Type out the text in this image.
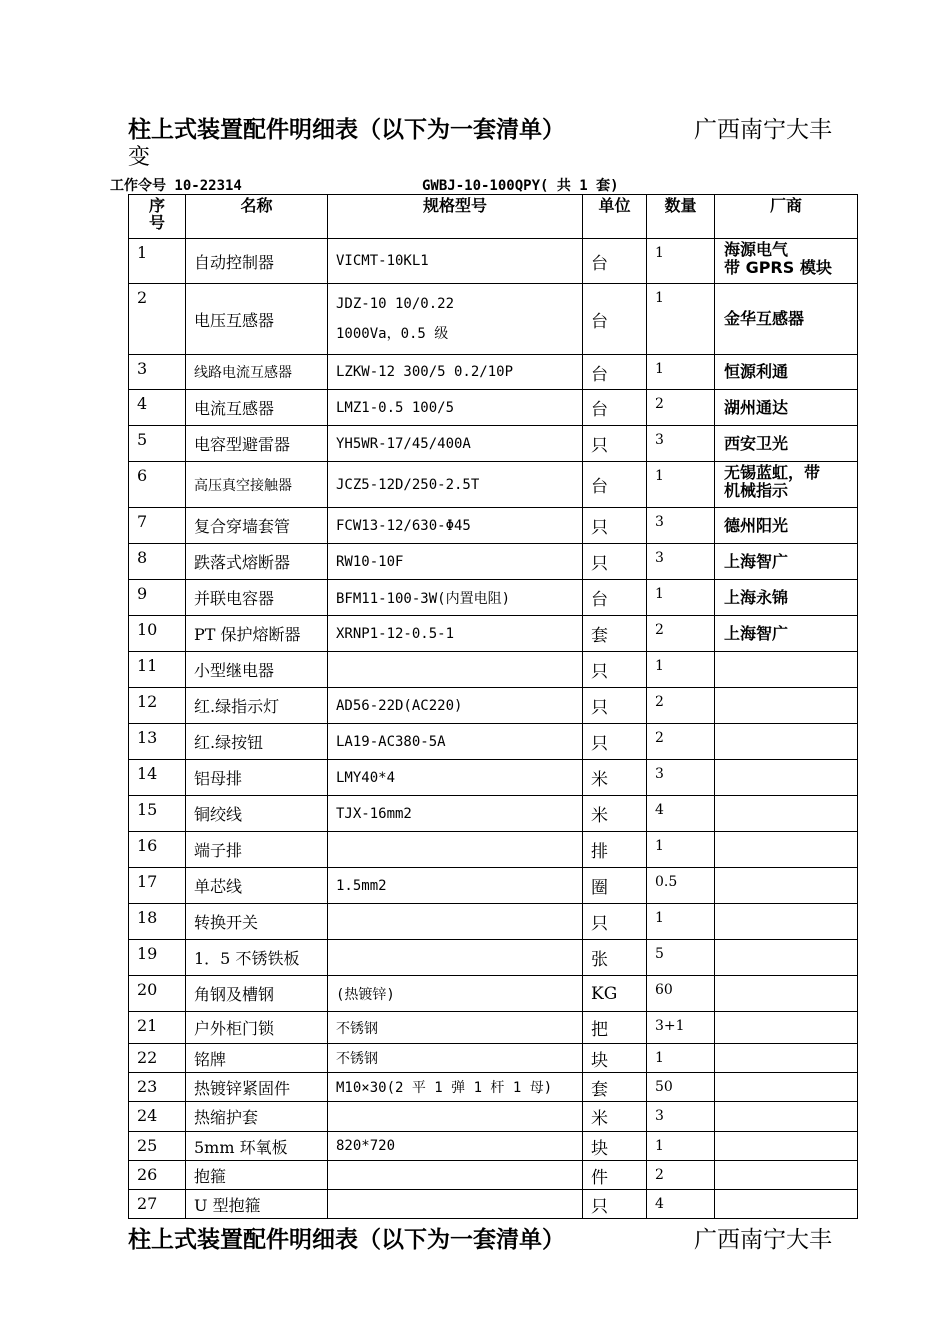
柱上式装置配件明细表（以下为一套清单）	广西南宁大丰
变
工作令号 10-22314	GWBJ-10-100QPY( 共 1 套)
序号	名称	规格型号	单位	数量	厂商
1	自动控制器	VICMT-10KL1	台	1	海源电气
带 GPRS 模块

2	电压互感器	JDZ-10 10/0.22
1000Va，0.5 级	台	1	金华互感器

3	线路电流互感器	LZKW-12 300/5 0.2/10P	台	1	恒源利通

4	电流互感器	LMZ1-0.5 100/5	台	2	湖州通达

5	电容型避雷器	YH5WR-17/45/400A	只	3	西安卫光

6	高压真空接触器	JCZ5-12D/250-2.5T	台	1	无锡蓝虹，带
机械指示

7	复合穿墙套管	FCW13-12/630-Φ45	只	3	德州阳光

8	跌落式熔断器	RW10-10F	只	3	上海智广

9	并联电容器	BFM11-100-3W(内置电阻)	台	1	上海永锦

10	PT 保护熔断器	XRNP1-12-0.5-1	套	2	上海智广

11	小型继电器		只	1	

12	红.绿指示灯	AD56-22D(AC220)	只	2	

13	红.绿按钮	LA19-AC380-5A	只	2	

14	铝母排	LMY40*4	米	3	

15	铜绞线	TJX-16mm2	米	4	

16	端子排		排	1	

17	单芯线	1.5mm2	圈	0.5	

18	转换开关		只	1	

19	1．5 不锈铁板		张	5	

20	角钢及槽钢	(热镀锌)	KG	60	

21	户外柜门锁	不锈钢	把	3+1	

22	铭牌	不锈钢	块	1	

23	热镀锌紧固件	M10×30(2 平 1 弹 1 杆 1 母)	套	50	

24	热缩护套		米	3	

25	5mm 环氧板	820*720	块	1	

26	抱箍		件	2	

27	U 型抱箍		只	4	
柱上式装置配件明细表（以下为一套清单）	广西南宁大丰
